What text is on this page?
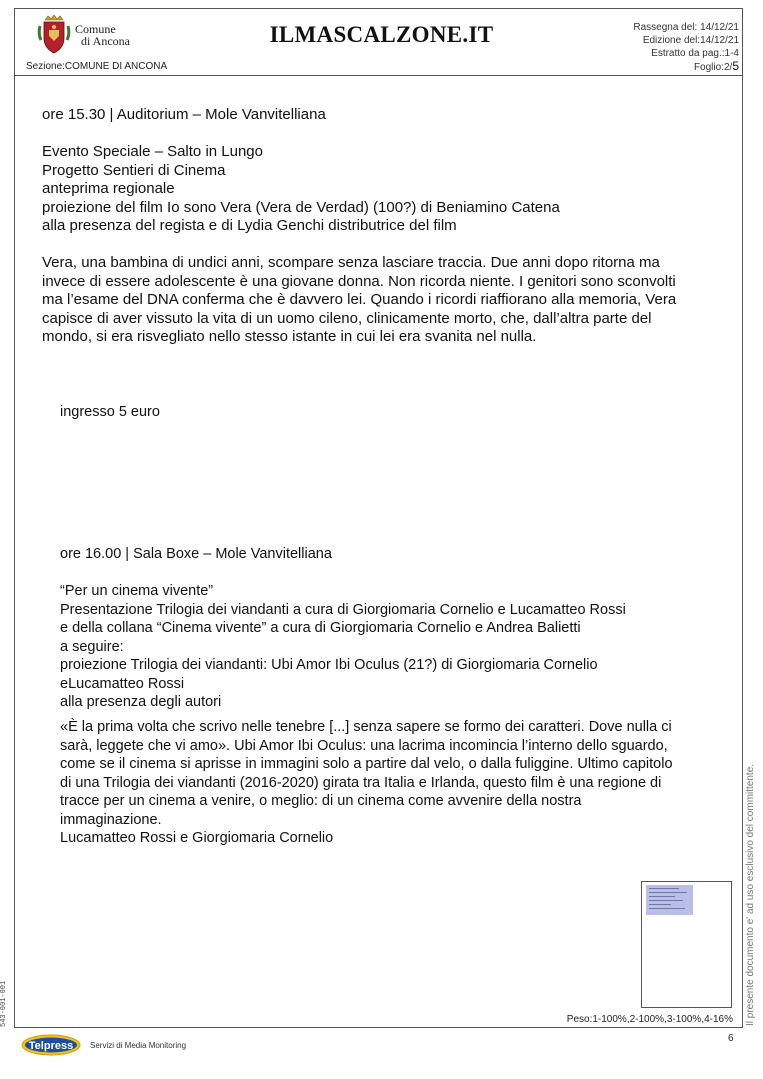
Comune
di Ancona
Sezione:COMUNE DI ANCONA
ILMASCALZONE.IT	Rassegna del: 14/12/21
Edizione del:14/12/21
Estratto da pag.:1-4
Foglio:2/5
ore 15.30 | Auditorium – Mole Vanvitelliana

Evento Speciale – Salto in Lungo

Progetto Sentieri di Cinema

anteprima regionale

proiezione del film Io sono Vera (Vera de Verdad) (100?) di Beniamino Catena

alla presenza del regista e di Lydia Genchi distributrice del film

Vera, una bambina di undici anni, scompare senza lasciare traccia. Due anni dopo ritorna ma

invece di essere adolescente è una giovane donna. Non ricorda niente. I genitori sono sconvolti

ma l’esame del DNA conferma che è davvero lei. Quando i ricordi riaffiorano alla memoria, Vera

capisce di aver vissuto la vita di un uomo cileno, clinicamente morto, che, dall’altra parte del

mondo, si era risvegliato nello stesso istante in cui lei era svanita nel nulla.

ingresso 5 euro
ore 16.00 | Sala Boxe – Mole Vanvitelliana

“Per un cinema vivente”

Presentazione Trilogia dei viandanti a cura di Giorgiomaria Cornelio e Lucamatteo Rossi

e della collana “Cinema vivente” a cura di Giorgiomaria Cornelio e Andrea Balietti

a seguire:

proiezione Trilogia dei viandanti: Ubi Amor Ibi Oculus (21?) di Giorgiomaria Cornelio

eLucamatteo Rossi

alla presenza degli autori

«È la prima volta che scrivo nelle tenebre [...] senza sapere se formo dei caratteri. Dove nulla ci

sarà, leggete che vi amo». Ubi Amor Ibi Oculus: una lacrima incomincia l’interno dello sguardo,

come se il cinema si aprisse in immagini solo a partire dal velo, o dalla fuliggine. Ultimo capitolo

di una Trilogia dei viandanti (2016-2020) girata tra Italia e Irlanda, questo film è una regione di

tracce per un cinema a venire, o meglio: di un cinema come avvenire della nostra

immaginazione.

Lucamatteo Rossi e Giorgiomaria Cornelio

Peso:1-100%,2-100%,3-100%,4-16%
6
543-001-001	Il presente documento e' ad uso esclusivo del committente.
Telpress Servizi di Media Monitoring
